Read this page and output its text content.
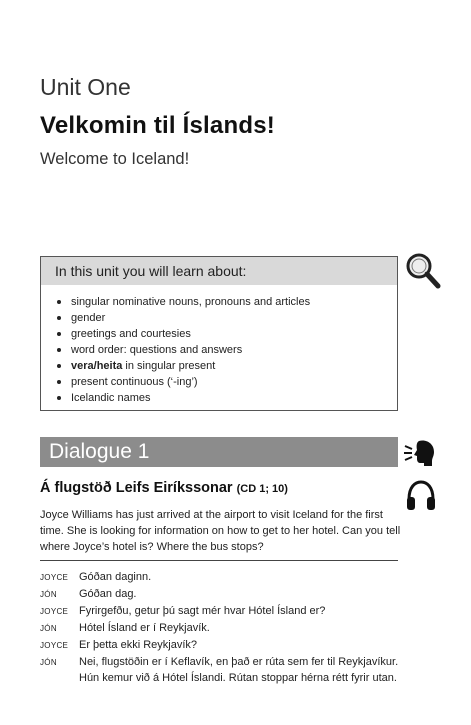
Unit One
Velkomin til Íslands!
Welcome to Iceland!
In this unit you will learn about:
singular nominative nouns, pronouns and articles
gender
greetings and courtesies
word order: questions and answers
vera/heita in singular present
present continuous (‘-ing’)
Icelandic names
Dialogue 1
Á flugstöð Leifs Eiríkssonar (CD 1; 10)
Joyce Williams has just arrived at the airport to visit Iceland for the first time. She is looking for information on how to get to her hotel. Can you tell where Joyce’s hotel is? Where the bus stops?
JOYCE Góðan daginn.
JÓN	Góðan dag.
JOYCE Fyrirgefðu, getur þú sagt mér hvar Hótel Ísland er?
JÓN	Hótel Ísland er í Reykjavík.
JOYCE Er þetta ekki Reykjavík?
JÓN	Nei, flugstöðin er í Keflavík, en það er rúta sem fer til Reykjavíkur. Hún kemur við á Hótel Íslandi. Rútan stoppar hérna rétt fyrir utan.
